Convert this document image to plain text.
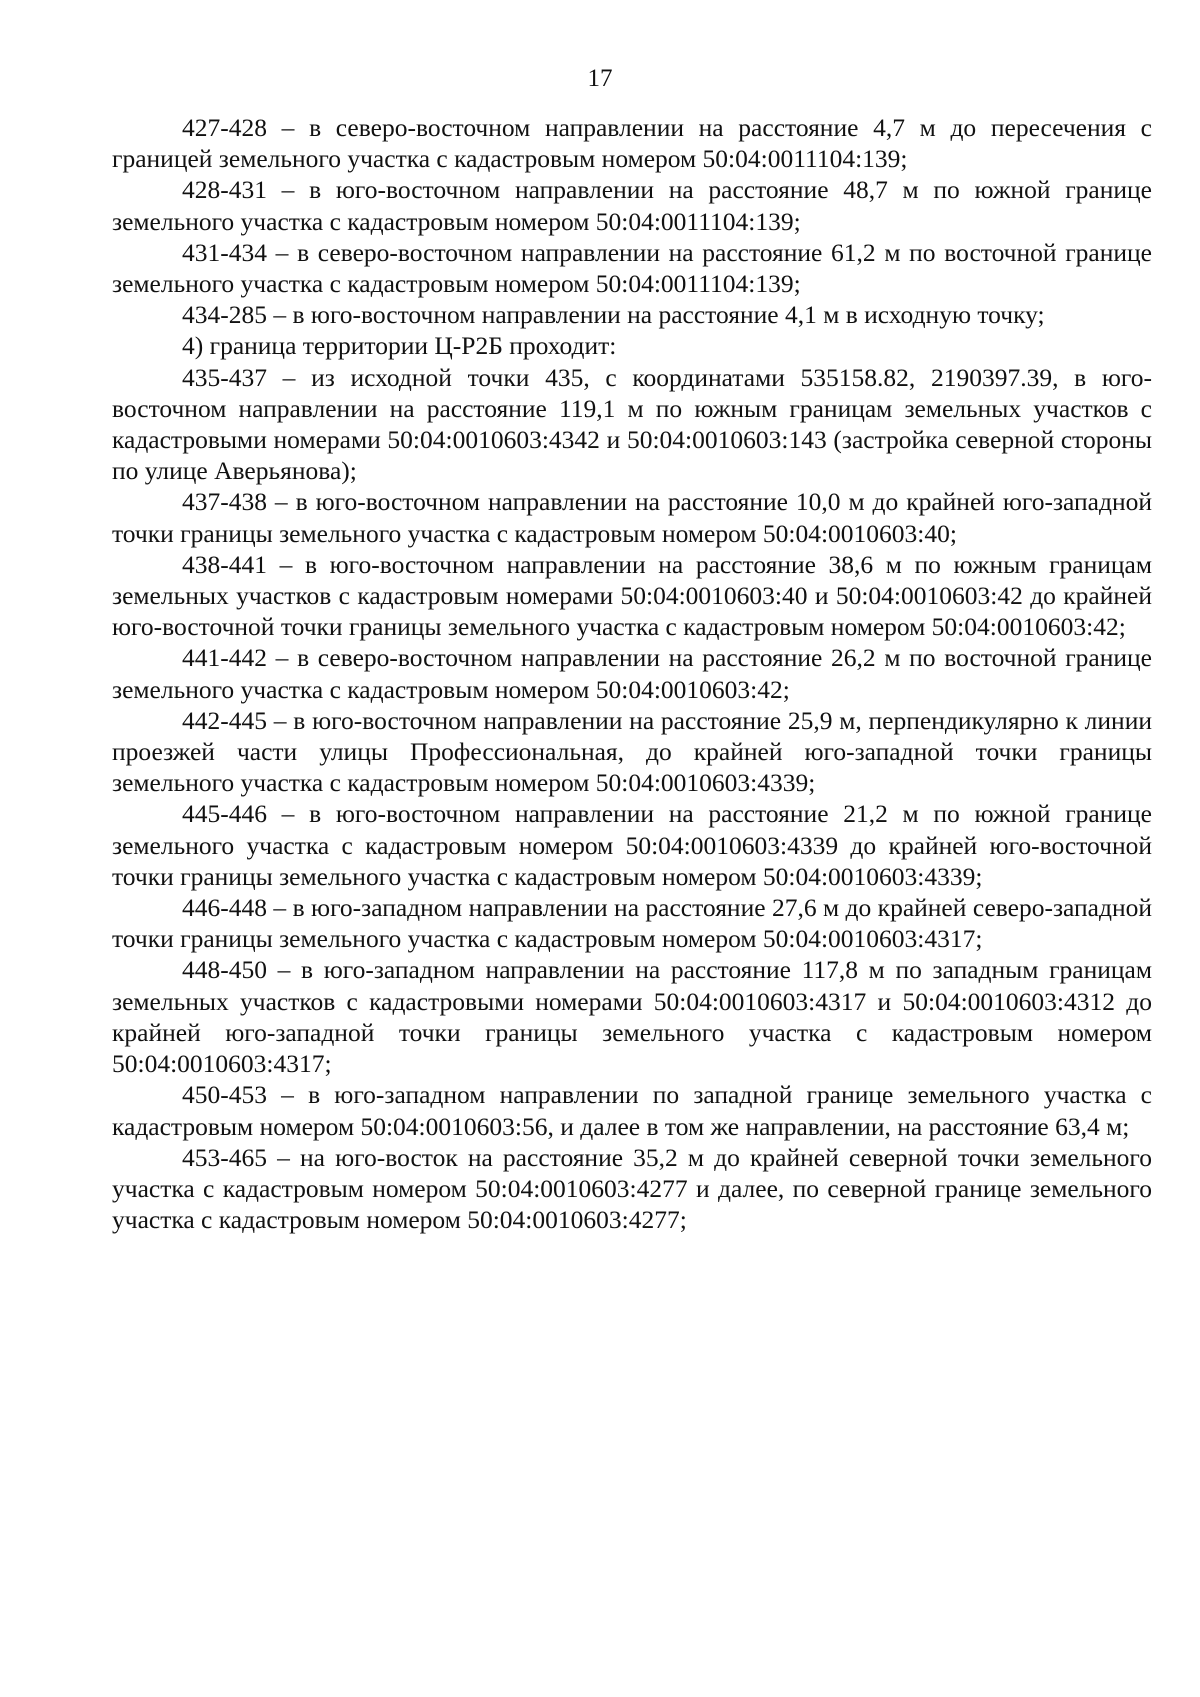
17

427-428 – в северо-восточном направлении на расстояние 4,7 м до пересечения с границей земельного участка с кадастровым номером 50:04:0011104:139;

428-431 – в юго-восточном направлении на расстояние 48,7 м по южной границе земельного участка с кадастровым номером 50:04:0011104:139;

431-434 – в северо-восточном направлении на расстояние 61,2 м по восточной границе земельного участка с кадастровым номером 50:04:0011104:139;

434-285 – в юго-восточном направлении на расстояние 4,1 м в исходную точку;

4) граница территории Ц-Р2Б проходит:

435-437 – из исходной точки 435, с координатами 535158.82, 2190397.39, в юго-восточном направлении на расстояние 119,1 м по южным границам земельных участков с кадастровыми номерами 50:04:0010603:4342 и 50:04:0010603:143 (застройка северной стороны по улице Аверьянова);

437-438 – в юго-восточном направлении на расстояние 10,0 м до крайней юго-западной точки границы земельного участка с кадастровым номером 50:04:0010603:40;

438-441 – в юго-восточном направлении на расстояние 38,6 м по южным границам земельных участков с кадастровым номерами 50:04:0010603:40 и 50:04:0010603:42 до крайней юго-восточной точки границы земельного участка с кадастровым номером 50:04:0010603:42;

441-442 – в северо-восточном направлении на расстояние 26,2 м по восточной границе земельного участка с кадастровым номером 50:04:0010603:42;

442-445 – в юго-восточном направлении на расстояние 25,9 м, перпендикулярно к линии проезжей части улицы Профессиональная, до крайней юго-западной точки границы земельного участка с кадастровым номером 50:04:0010603:4339;

445-446 – в юго-восточном направлении на расстояние 21,2 м по южной границе земельного участка с кадастровым номером 50:04:0010603:4339 до крайней юго-восточной точки границы земельного участка с кадастровым номером 50:04:0010603:4339;

446-448 – в юго-западном направлении на расстояние 27,6 м до крайней северо-западной точки границы земельного участка с кадастровым номером 50:04:0010603:4317;

448-450 – в юго-западном направлении на расстояние 117,8 м по западным границам земельных участков с кадастровыми номерами 50:04:0010603:4317 и 50:04:0010603:4312 до крайней юго-западной точки границы земельного участка с кадастровым номером 50:04:0010603:4317;

450-453 – в юго-западном направлении по западной границе земельного участка с кадастровым номером 50:04:0010603:56, и далее в том же направлении, на расстояние 63,4 м;

453-465 – на юго-восток на расстояние 35,2 м до крайней северной точки земельного участка с кадастровым номером 50:04:0010603:4277 и далее, по северной границе земельного участка с кадастровым номером 50:04:0010603:4277;
